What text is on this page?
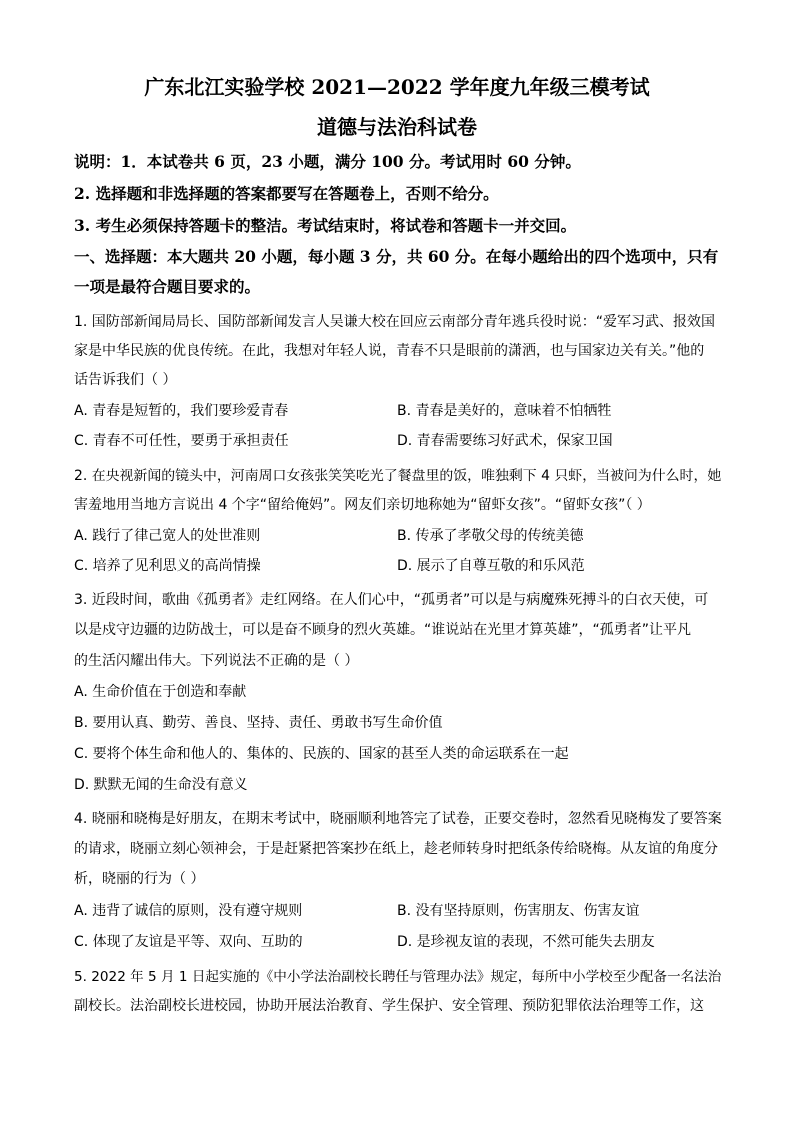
广东北江实验学校 2021—2022 学年度九年级三模考试
道德与法治科试卷
说明：1．本试卷共 6 页，23 小题，满分 100 分。考试用时 60 分钟。
2. 选择题和非选择题的答案都要写在答题卷上，否则不给分。
3. 考生必须保持答题卡的整洁。考试结束时，将试卷和答题卡一并交回。
一、选择题：本大题共 20 小题，每小题 3 分，共 60 分。在每小题给出的四个选项中，只有
一项是最符合题目要求的。
1. 国防部新闻局局长、国防部新闻发言人吴谦大校在回应云南部分青年逃兵役时说：“爱军习武、报效国
家是中华民族的优良传统。在此，我想对年轻人说，青春不只是眼前的潇洒，也与国家边关有关。”他的
话告诉我们（ ）
A. 青春是短暂的，我们要珍爱青春	B. 青春是美好的，意味着不怕牺牲
C. 青春不可任性，要勇于承担责任	D. 青春需要练习好武术，保家卫国
2. 在央视新闻的镜头中，河南周口女孩张笑笑吃光了餐盘里的饭，唯独剩下 4 只虾，当被问为什么时，她
害羞地用当地方言说出 4 个字“留给俺妈”。网友们亲切地称她为“留虾女孩”。“留虾女孩”（ ）
A. 践行了律己宽人的处世准则	B. 传承了孝敬父母的传统美德
C. 培养了见利思义的高尚情操	D. 展示了自尊互敬的和乐风范
3. 近段时间，歌曲《孤勇者》走红网络。在人们心中，“孤勇者”可以是与病魔殊死搏斗的白衣天使，可
以是戍守边疆的边防战士，可以是奋不顾身的烈火英雄。“谁说站在光里才算英雄”，“孤勇者”让平凡
的生活闪耀出伟大。下列说法不正确的是（ ）
A. 生命价值在于创造和奉献
B. 要用认真、勤劳、善良、坚持、责任、勇敢书写生命价值
C. 要将个体生命和他人的、集体的、民族的、国家的甚至人类的命运联系在一起
D. 默默无闻的生命没有意义
4. 晓丽和晓梅是好朋友，在期末考试中，晓丽顺利地答完了试卷，正要交卷时，忽然看见晓梅发了要答案
的请求，晓丽立刻心领神会，于是赶紧把答案抄在纸上，趁老师转身时把纸条传给晓梅。从友谊的角度分
析，晓丽的行为（ ）
A. 违背了诚信的原则，没有遵守规则	B. 没有坚持原则，伤害朋友、伤害友谊
C. 体现了友谊是平等、双向、互助的	D. 是珍视友谊的表现，不然可能失去朋友
5. 2022 年 5 月 1 日起实施的《中小学法治副校长聘任与管理办法》规定，每所中小学校至少配备一名法治
副校长。法治副校长进校园，协助开展法治教育、学生保护、安全管理、预防犯罪依法治理等工作，这
